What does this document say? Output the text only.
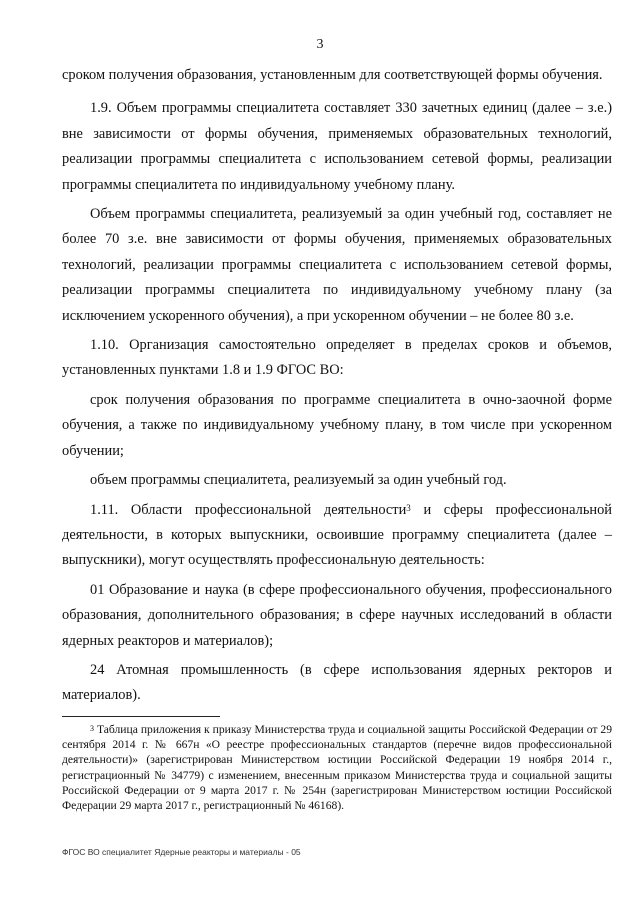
3

сроком получения образования, установленным для соответствующей формы обучения.

1.9. Объем программы специалитета составляет 330 зачетных единиц (далее – з.е.) вне зависимости от формы обучения, применяемых образовательных технологий, реализации программы специалитета с использованием сетевой формы, реализации программы специалитета по индивидуальному учебному плану.

Объем программы специалитета, реализуемый за один учебный год, составляет не более 70 з.е. вне зависимости от формы обучения, применяемых образовательных технологий, реализации программы специалитета с использованием сетевой формы, реализации программы специалитета по индивидуальному учебному плану (за исключением ускоренного обучения), а при ускоренном обучении – не более 80 з.е.

1.10. Организация самостоятельно определяет в пределах сроков и объемов, установленных пунктами 1.8 и 1.9 ФГОС ВО:

срок получения образования по программе специалитета в очно-заочной форме обучения, а также по индивидуальному учебному плану, в том числе при ускоренном обучении;

объем программы специалитета, реализуемый за один учебный год.

1.11. Области профессиональной деятельности$^3$ и сферы профессиональной деятельности, в которых выпускники, освоившие программу специалитета (далее – выпускники), могут осуществлять профессиональную деятельность:

01 Образование и наука (в сфере профессионального обучения, профессионального образования, дополнительного образования; в сфере научных исследований в области ядерных реакторов и материалов);

24 Атомная промышленность (в сфере использования ядерных ректоров и материалов).

$^3$ Таблица приложения к приказу Министерства труда и социальной защиты Российской Федерации от 29 сентября 2014 г. № 667н «О реестре профессиональных стандартов (перечне видов профессиональной деятельности)» (зарегистрирован Министерством юстиции Российской Федерации 19 ноября 2014 г., регистрационный № 34779) с изменением, внесенным приказом Министерства труда и социальной защиты Российской Федерации от 9 марта 2017 г. № 254н (зарегистрирован Министерством юстиции Российской Федерации 29 марта 2017 г., регистрационный № 46168).
ФГОС ВО специалитет Ядерные реакторы и материалы - 05
